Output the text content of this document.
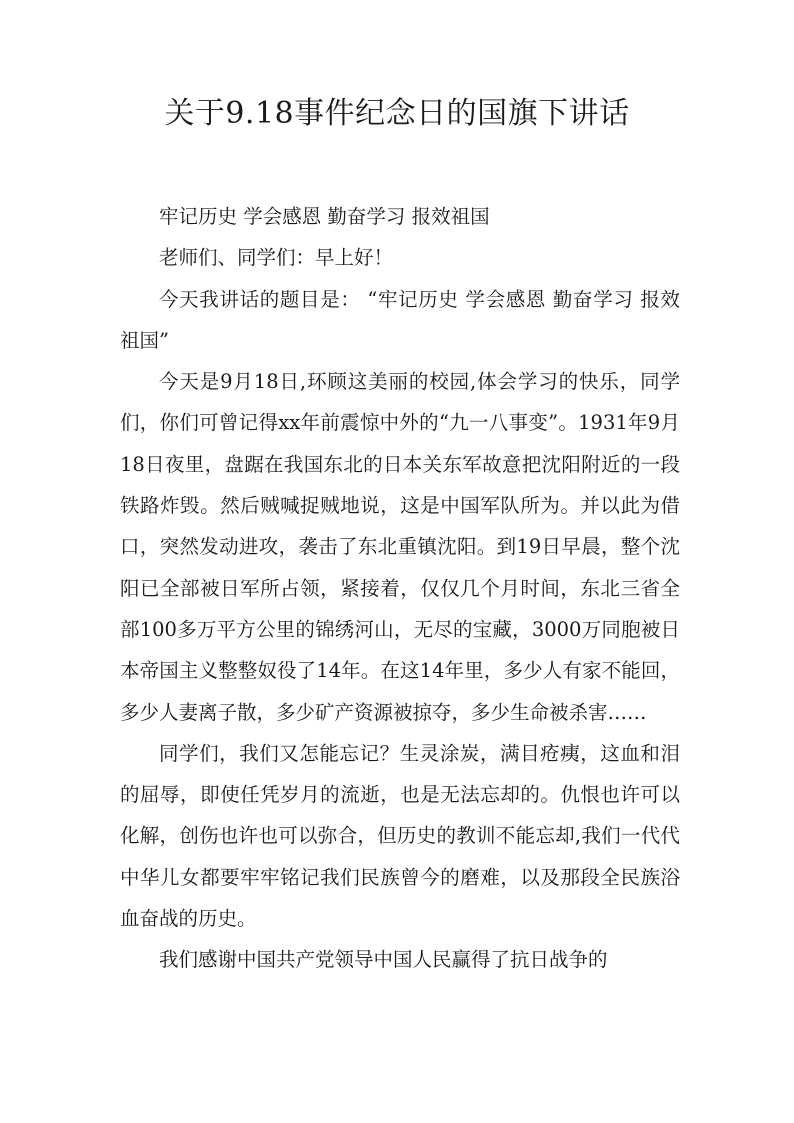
关于9.18事件纪念日的国旗下讲话

牢记历史 学会感恩 勤奋学习 报效祖国

老师们、同学们：早上好！

今天我讲话的题目是： “牢记历史 学会感恩 勤奋学习 报效祖国”

今天是9月18日,环顾这美丽的校园,体会学习的快乐，同学们，你们可曾记得xx年前震惊中外的“九一八事变”。1931年9月18日夜里，盘踞在我国东北的日本关东军故意把沈阳附近的一段铁路炸毁。然后贼喊捉贼地说，这是中国军队所为。并以此为借口，突然发动进攻，袭击了东北重镇沈阳。到19日早晨，整个沈阳已全部被日军所占领，紧接着，仅仅几个月时间，东北三省全部100多万平方公里的锦绣河山，无尽的宝藏，3000万同胞被日本帝国主义整整奴役了14年。在这14年里，多少人有家不能回，多少人妻离子散，多少矿产资源被掠夺，多少生命被杀害……

同学们，我们又怎能忘记？生灵涂炭，满目疮痍，这血和泪的屈辱，即使任凭岁月的流逝，也是无法忘却的。仇恨也许可以化解，创伤也许也可以弥合，但历史的教训不能忘却,我们一代代中华儿女都要牢牢铭记我们民族曾今的磨难，以及那段全民族浴血奋战的历史。

我们感谢中国共产党领导中国人民赢得了抗日战争的
